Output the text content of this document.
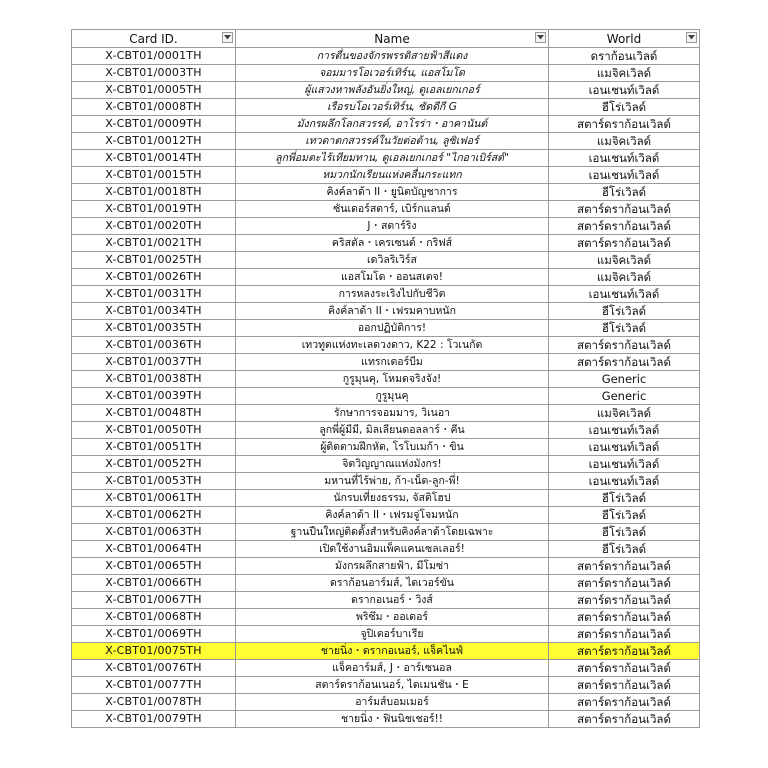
Card ID.	Name	World

X-CBT01/0001TH	การตื่นของจักรพรรดิสายฟ้าสีแดง	ดราก้อนเวิลด์
X-CBT01/0003TH	จอมมารโอเวอร์เทิร์น, แอสโมโด	แมจิคเวิลด์
X-CBT01/0005TH	ผู้แสวงหาพลังอันยิ่งใหญ่, ดูเอลเยกเกอร์	เอนเชนท์เวิลด์
X-CBT01/0008TH	เรือรบโอเวอร์เทิร์น, ซัดดีกี G	ฮีโร่เวิลด์
X-CBT01/0009TH	มังกรผลึกโลกสวรรค์, อาโรร่า・อาคานันต์	สตาร์ดราก้อนเวิลด์
X-CBT01/0012TH	เทวดาตกสวรรค์ในวัยต่อต้าน, ลูซิเฟอร์	แมจิคเวิลด์
X-CBT01/0014TH	ลูกพี่อมตะไร้เทียมทาน, ดูเอลเยกเกอร์ "ไกอาเบิร์สต์"	เอนเชนท์เวิลด์
X-CBT01/0015TH	หมวกนักเรียนแห่งคลื่นกระแทก	เอนเชนท์เวิลด์
X-CBT01/0018TH	คิงค์ลาด้า II・ยูนิตบัญชาการ	ฮีโร่เวิลด์
X-CBT01/0019TH	ซันเดอร์สตาร์, เบิร์กแลนด์	สตาร์ดราก้อนเวิลด์
X-CBT01/0020TH	J・สตาร์ริง	สตาร์ดราก้อนเวิลด์
X-CBT01/0021TH	คริสตัล・เครเซนต์・กริฟส์	สตาร์ดราก้อนเวิลด์
X-CBT01/0025TH	เดวิลริเวิร์ส	แมจิคเวิลด์
X-CBT01/0026TH	แอสโมโด・ออนสเตจ!	แมจิคเวิลด์
X-CBT01/0031TH	การหลงระเริงไปกับชีวิต	เอนเชนท์เวิลด์
X-CBT01/0034TH	คิงค์ลาด้า II・เฟรมคาบหนัก	ฮีโร่เวิลด์
X-CBT01/0035TH	ออกปฏิบัติการ!	ฮีโร่เวิลด์
X-CBT01/0036TH	เทวทูตแห่งทะเลดวงดาว, K22 : โวเนกัต	สตาร์ดราก้อนเวิลด์
X-CBT01/0037TH	แทรกเตอร์บีม	สตาร์ดราก้อนเวิลด์
X-CBT01/0038TH	กูรูมุนคุ, โหมดจริงจัง!	Generic
X-CBT01/0039TH	กูรูมุนคุ	Generic
X-CBT01/0048TH	รักษาการจอมมาร, วิเนอา	แมจิคเวิลด์
X-CBT01/0050TH	ลูกพี่ผู้มีมี, มิลเลียนดอลลาร์・คีน	เอนเชนท์เวิลด์
X-CBT01/0051TH	ผู้ติดตามฝึกหัด, โรโบเมก้า・ขิน	เอนเชนท์เวิลด์
X-CBT01/0052TH	จิตวิญญาณแห่งมังกร!	เอนเชนท์เวิลด์
X-CBT01/0053TH	มหานที่ไร้พ่าย, ก้า-เน็ด-ลูก-พี่!	เอนเชนท์เวิลด์
X-CBT01/0061TH	นักรบเที่ยงธรรม, จัสติโฮป	ฮีโร่เวิลด์
X-CBT01/0062TH	คิงค์ลาด้า II・เฟรมจู่โจมหนัก	ฮีโร่เวิลด์
X-CBT01/0063TH	ฐานปืนใหญ่ติดตั้งสำหรับคิงค์ลาด้าโดยเฉพาะ	ฮีโร่เวิลด์
X-CBT01/0064TH	เปิดใช้งานอิมแพ็คแคนเซลเลอร์!	ฮีโร่เวิลด์
X-CBT01/0065TH	มังกรผลึกสายฟ้า, มีโมซ่า	สตาร์ดราก้อนเวิลด์
X-CBT01/0066TH	ดราก้อนอาร์มส์, ไดเวอร์ขัน	สตาร์ดราก้อนเวิลด์
X-CBT01/0067TH	ดรากอเนอร์・วิงส์	สตาร์ดราก้อนเวิลด์
X-CBT01/0068TH	พริซึม・ออเดอร์	สตาร์ดราก้อนเวิลด์
X-CBT01/0069TH	จูปิเตอร์บาเรีย	สตาร์ดราก้อนเวิลด์
X-CBT01/0075TH	ชายนิ่ง・ดรากอเนอร์, แจ็คไนฟ์	สตาร์ดราก้อนเวิลด์
X-CBT01/0076TH	แจ็คอาร์มส์, J・อาร์เซนอล	สตาร์ดราก้อนเวิลด์
X-CBT01/0077TH	สตาร์ดราก้อนเนอร์, ไดเมนชัน・E	สตาร์ดราก้อนเวิลด์
X-CBT01/0078TH	อาร์มส์บอมเมอร์	สตาร์ดราก้อนเวิลด์
X-CBT01/0079TH	ชายนิ่ง・ฟินนิชเชอร์!!	สตาร์ดราก้อนเวิลด์
